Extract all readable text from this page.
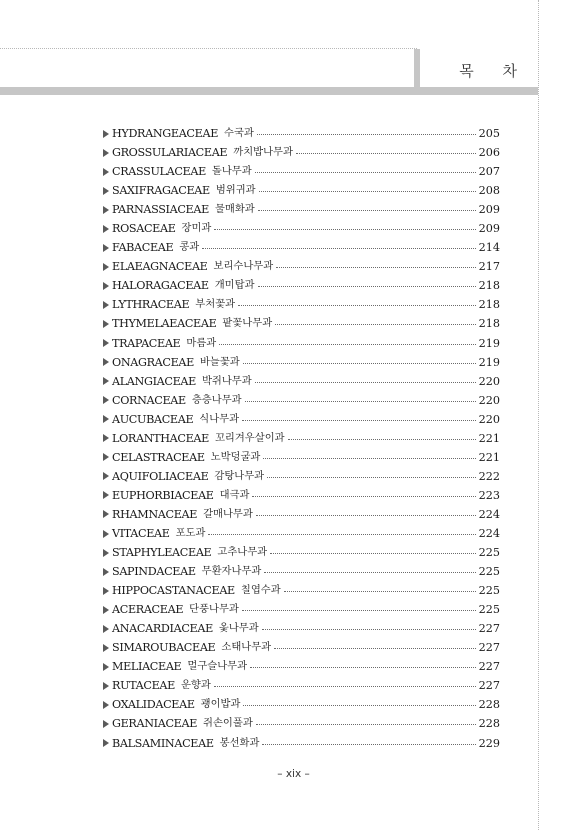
목 차
HYDRANGEACEAE 수국과	205
GROSSULARIACEAE 까치밥나무과	206
CRASSULACEAE 돌나무과	207
SAXIFRAGACEAE 범위귀과	208
PARNASSIACEAE 물매화과	209
ROSACEAE 장미과	209
FABACEAE 콩과	214
ELAEAGNACEAE 보리수나무과	217
HALORAGACEAE 개미탑과	218
LYTHRACEAE 부처꽃과	218
THYMELAEACEAE 팥꽃나무과	218
TRAPACEAE 마름과	219
ONAGRACEAE 바늘꽃과	219
ALANGIACEAE 박쥐나무과	220
CORNACEAE 층층나무과	220
AUCUBACEAE 식나무과	220
LORANTHACEAE 꼬리겨우살이과	221
CELASTRACEAE 노박덩굴과	221
AQUIFOLIACEAE 감탕나무과	222
EUPHORBIACEAE 대극과	223
RHAMNACEAE 갈매나무과	224
VITACEAE 포도과	224
STAPHYLEACEAE 고추나무과	225
SAPINDACEAE 무환자나무과	225
HIPPOCASTANACEAE 칠엽수과	225
ACERACEAE 단풍나무과	225
ANACARDIACEAE 옻나무과	227
SIMAROUBACEAE 소태나무과	227
MELIACEAE 멀구슬나무과	227
RUTACEAE 운향과	227
OXALIDACEAE 괭이밥과	228
GERANIACEAE 쥐손이풀과	228
BALSAMINACEAE 봉선화과	229
– xix –
